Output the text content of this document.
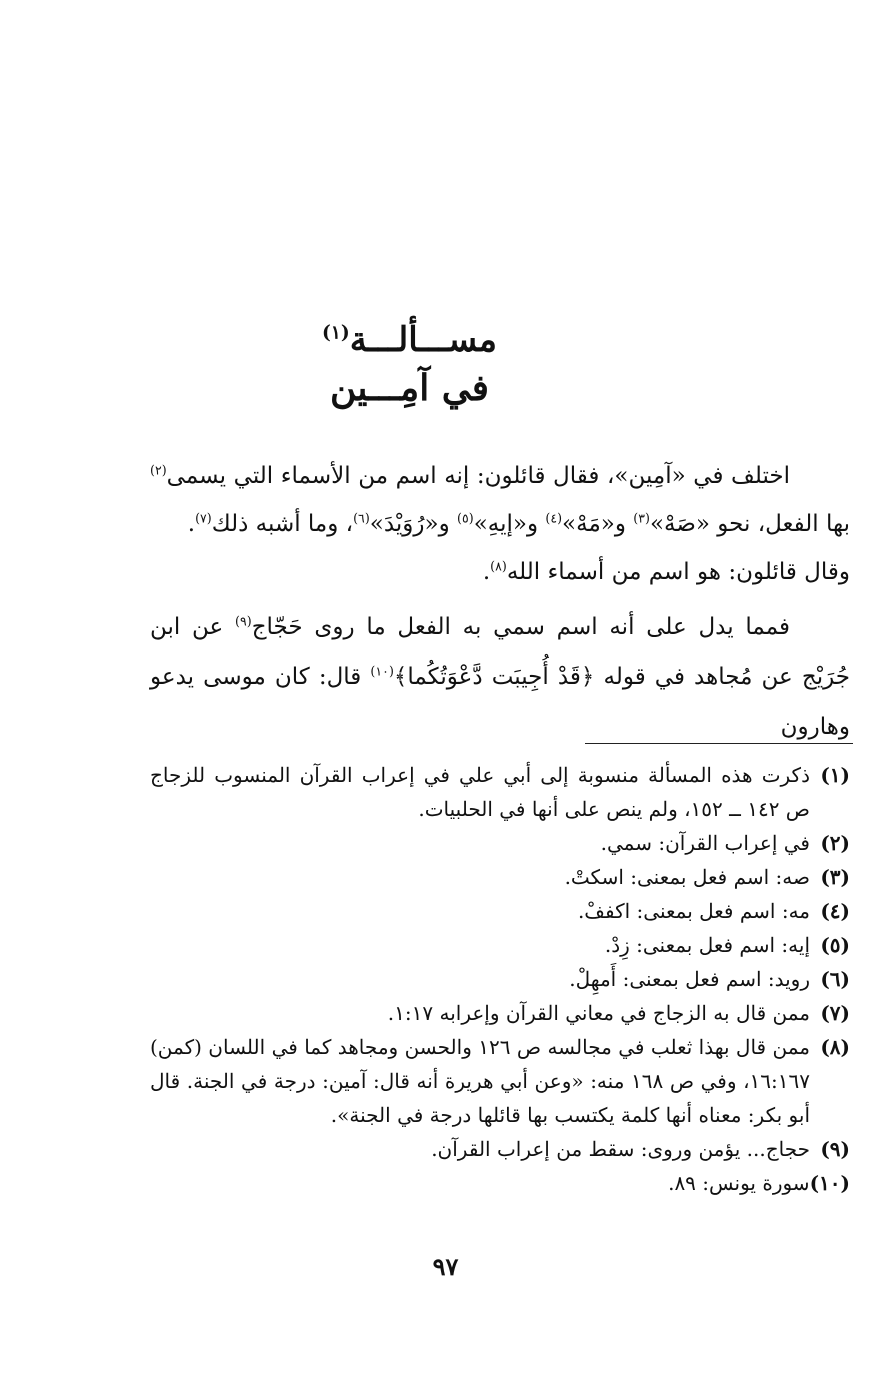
مســـألـــة$^{(١)}$
في آمِـــين

اختلف في «آمِين»، فقال قائلون: إنه اسم من الأسماء التي يسمى$^{(٢)}$ بها الفعل، نحو «صَهْ»$^{(٣)}$ و«مَهْ»$^{(٤)}$ و«إيهِ»$^{(٥)}$ و«رُوَيْدَ»$^{(٦)}$، وما أشبه ذلك$^{(٧)}$.

وقال قائلون: هو اسم من أسماء الله$^{(٨)}$.

فمما يدل على أنه اسم سمي به الفعل ما روى حَجّاج$^{(٩)}$ عن ابن جُرَيْج عن مُجاهد في قوله ﴿قَدْ أُجِيبَت دَّعْوَتُكُما﴾$^{(١٠)}$ قال: كان موسى يدعو وهارون

(١)
ذكرت هذه المسألة منسوبة إلى أبي علي في إعراب القرآن المنسوب للزجاج ص ١٤٢ ــ ١٥٢، ولم ينص على أنها في الحلبيات.
(٢)
في إعراب القرآن: سمي.
(٣)
صه: اسم فعل بمعنى: اسكتْ.
(٤)
مه: اسم فعل بمعنى: اكففْ.
(٥)
إيه: اسم فعل بمعنى: زِدْ.
(٦)
رويد: اسم فعل بمعنى: أَمهِلْ.
(٧)
ممن قال به الزجاج في معاني القرآن وإعرابه ١:١٧.
(٨)
ممن قال بهذا ثعلب في مجالسه ص ١٢٦ والحسن ومجاهد كما في اللسان (كمن) ١٦:١٦٧، وفي ص ١٦٨ منه: «وعن أبي هريرة أنه قال: آمين: درجة في الجنة. قال أبو بكر: معناه أنها كلمة يكتسب بها قائلها درجة في الجنة».
(٩)
حجاج... يؤمن وروى: سقط من إعراب القرآن.
(١٠)
سورة يونس: ٨٩.
٩٧
